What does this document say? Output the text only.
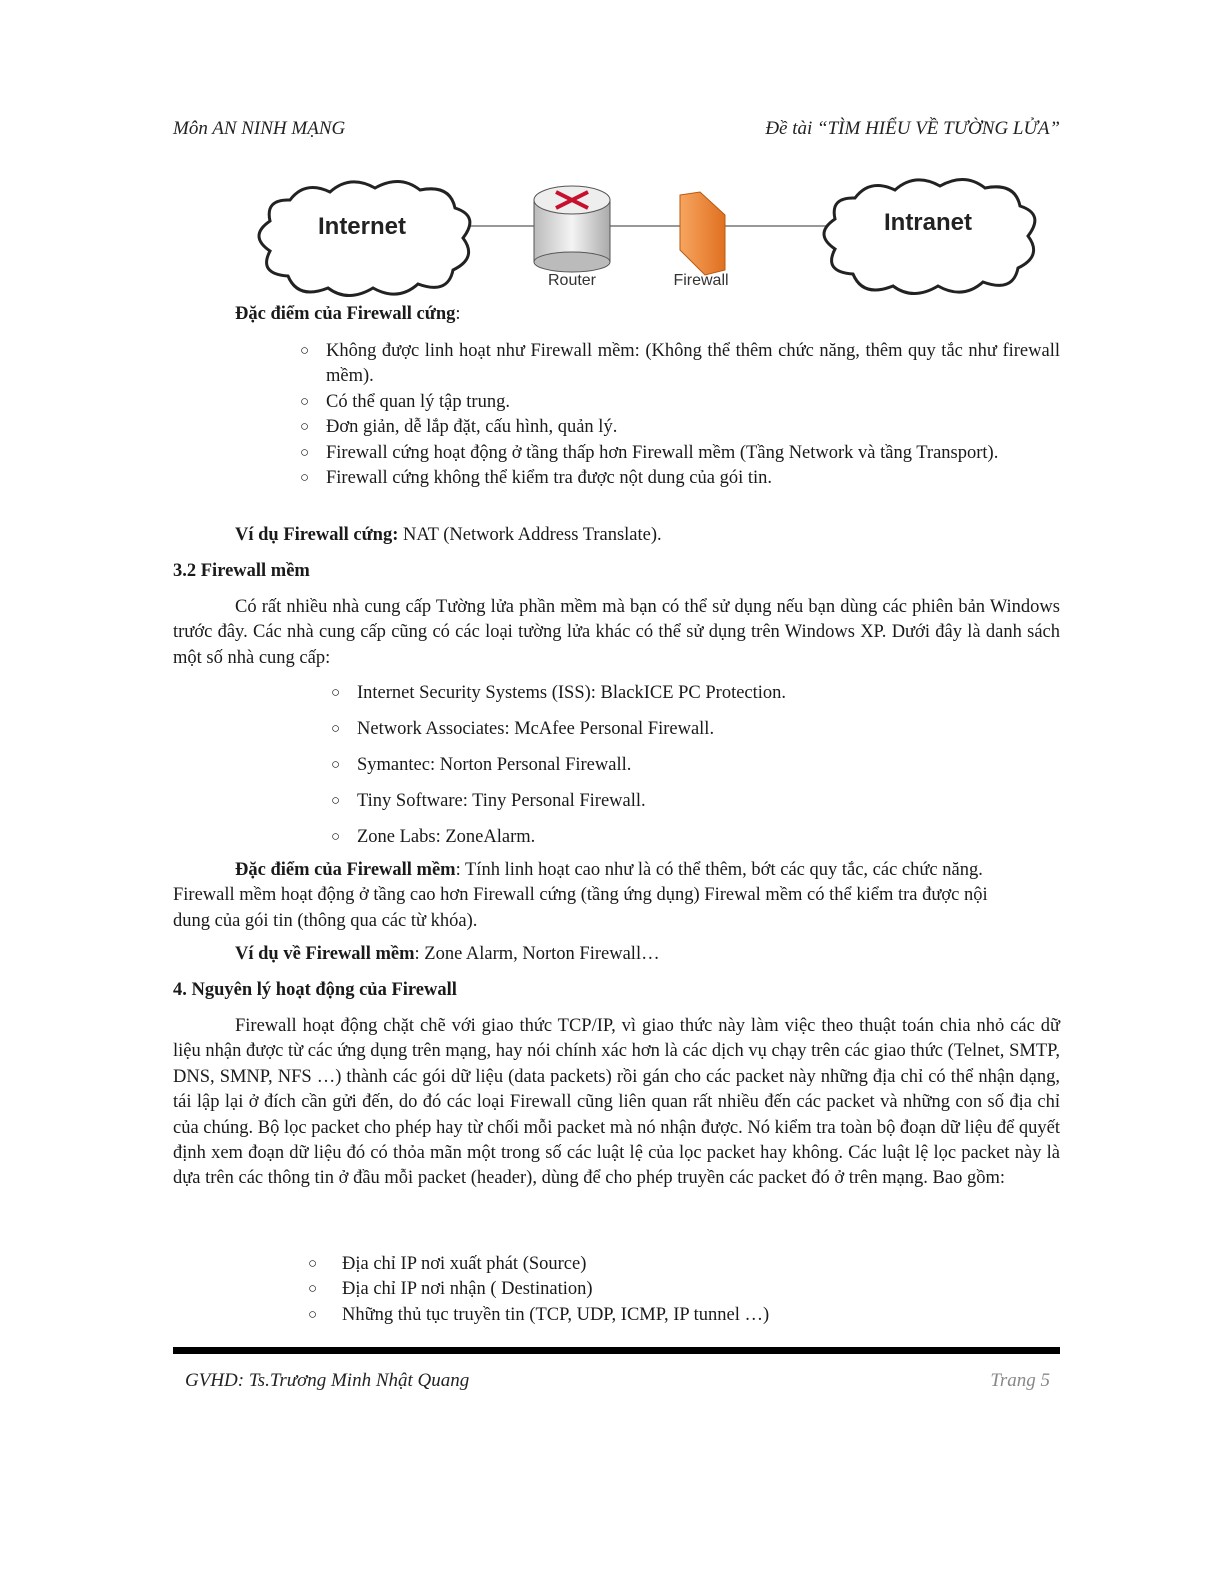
Môn AN NINH MẠNG	Đề tài “TÌM HIỂU VỀ TƯỜNG LỬA”
Internet
Router	Firewall
Intranet
Đặc điểm của Firewall cứng:
○ Không được linh hoạt như Firewall mềm: (Không thể thêm chức năng, thêm quy tắc như firewall mềm).
○ Có thể quan lý tập trung.
○ Đơn giản, dễ lắp đặt, cấu hình, quản lý.
○ Firewall cứng hoạt động ở tầng thấp hơn Firewall mềm (Tầng Network và tầng Transport).
○ Firewall cứng không thể kiểm tra được nột dung của gói tin.
Ví dụ Firewall cứng: NAT (Network Address Translate).
3.2 Firewall mềm
Có rất nhiều nhà cung cấp Tường lửa phần mềm mà bạn có thể sử dụng nếu bạn dùng các phiên bản Windows trước đây. Các nhà cung cấp cũng có các loại tường lửa khác có thể sử dụng trên Windows XP. Dưới đây là danh sách một số nhà cung cấp:
○ Internet Security Systems (ISS): BlackICE PC Protection.
○ Network Associates: McAfee Personal Firewall.
○ Symantec: Norton Personal Firewall.
○ Tiny Software: Tiny Personal Firewall.
○ Zone Labs: ZoneAlarm.
Đặc điểm của Firewall mềm: Tính linh hoạt cao như là có thể thêm, bớt các quy tắc, các chức năng. Firewall mềm hoạt động ở tầng cao hơn Firewall cứng (tầng ứng dụng) Firewal mềm có thể kiểm tra được nội dung của gói tin (thông qua các từ khóa).
Ví dụ về Firewall mềm: Zone Alarm, Norton Firewall…
4. Nguyên lý hoạt động của Firewall
Firewall hoạt động chặt chẽ với giao thức TCP/IP, vì giao thức này làm việc theo thuật toán chia nhỏ các dữ liệu nhận được từ các ứng dụng trên mạng, hay nói chính xác hơn là các dịch vụ chạy trên các giao thức (Telnet, SMTP, DNS, SMNP, NFS …) thành các gói dữ liệu (data packets) rồi gán cho các packet này những địa chỉ có thể nhận dạng, tái lập lại ở đích cần gửi đến, do đó các loại Firewall cũng liên quan rất nhiều đến các packet và những con số địa chỉ của chúng. Bộ lọc packet cho phép hay từ chối mỗi packet mà nó nhận được. Nó kiểm tra toàn bộ đoạn dữ liệu để quyết định xem đoạn dữ liệu đó có thỏa mãn một trong số các luật lệ của lọc packet hay không. Các luật lệ lọc packet này là dựa trên các thông tin ở đầu mỗi packet (header), dùng để cho phép truyền các packet đó ở trên mạng. Bao gồm:
○ Địa chỉ IP nơi xuất phát (Source)
○ Địa chỉ IP nơi nhận ( Destination)
○ Những thủ tục truyền tin (TCP, UDP, ICMP, IP tunnel …)
GVHD: Ts.Trương Minh Nhật Quang	Trang 5
